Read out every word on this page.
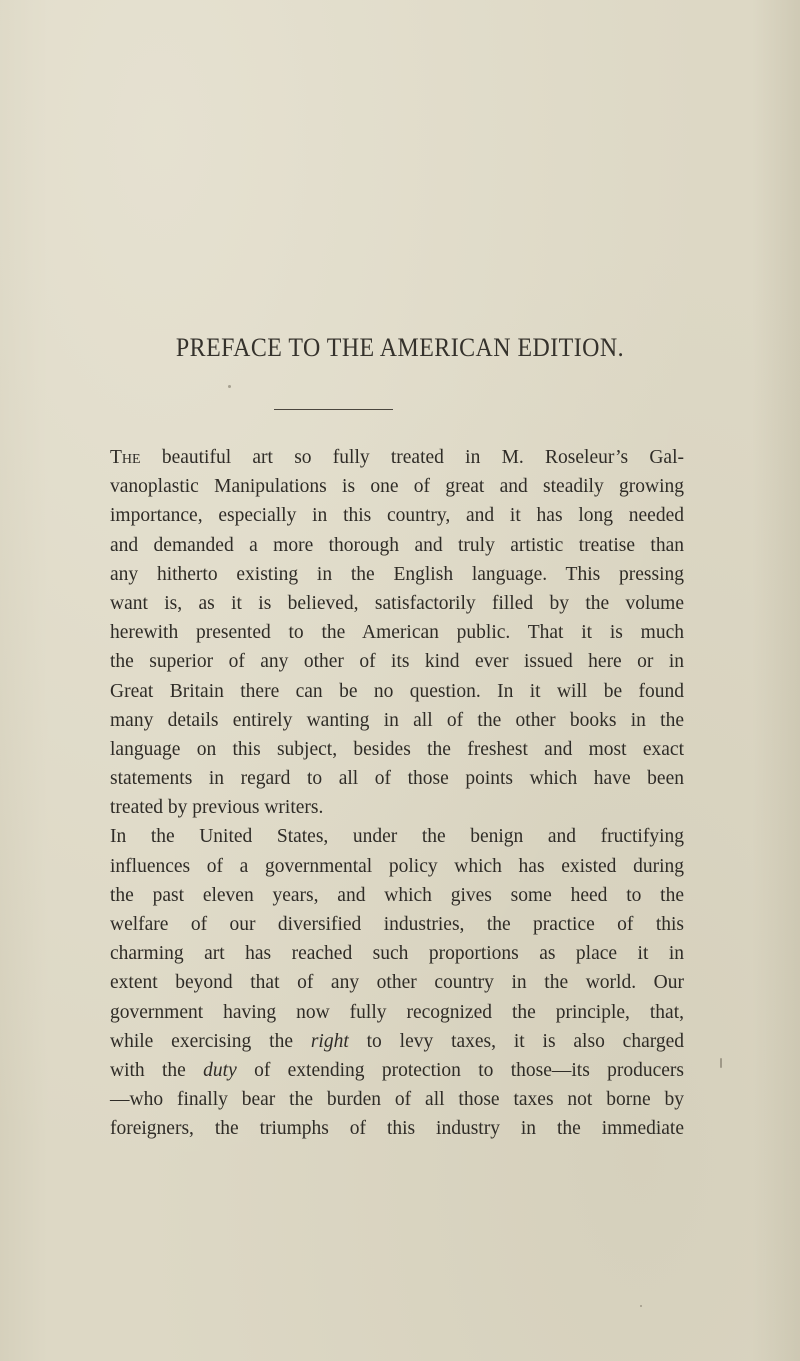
PREFACE TO THE AMERICAN EDITION.
The beautiful art so fully treated in M. Roseleur’s Gal-
vanoplastic Manipulations is one of great and steadily growing
importance, especially in this country, and it has long needed
and demanded a more thorough and truly artistic treatise than
any hitherto existing in the English language. This pressing
want is, as it is believed, satisfactorily filled by the volume
herewith presented to the American public. That it is much
the superior of any other of its kind ever issued here or in
Great Britain there can be no question. In it will be found
many details entirely wanting in all of the other books in the
language on this subject, besides the freshest and most exact
statements in regard to all of those points which have been
treated by previous writers.
In the United States, under the benign and fructifying
influences of a governmental policy which has existed during
the past eleven years, and which gives some heed to the
welfare of our diversified industries, the practice of this
charming art has reached such proportions as place it in
extent beyond that of any other country in the world. Our
government having now fully recognized the principle, that,
while exercising the right to levy taxes, it is also charged
with the duty of extending protection to those—its producers
—who finally bear the burden of all those taxes not borne by
foreigners, the triumphs of this industry in the immediate
